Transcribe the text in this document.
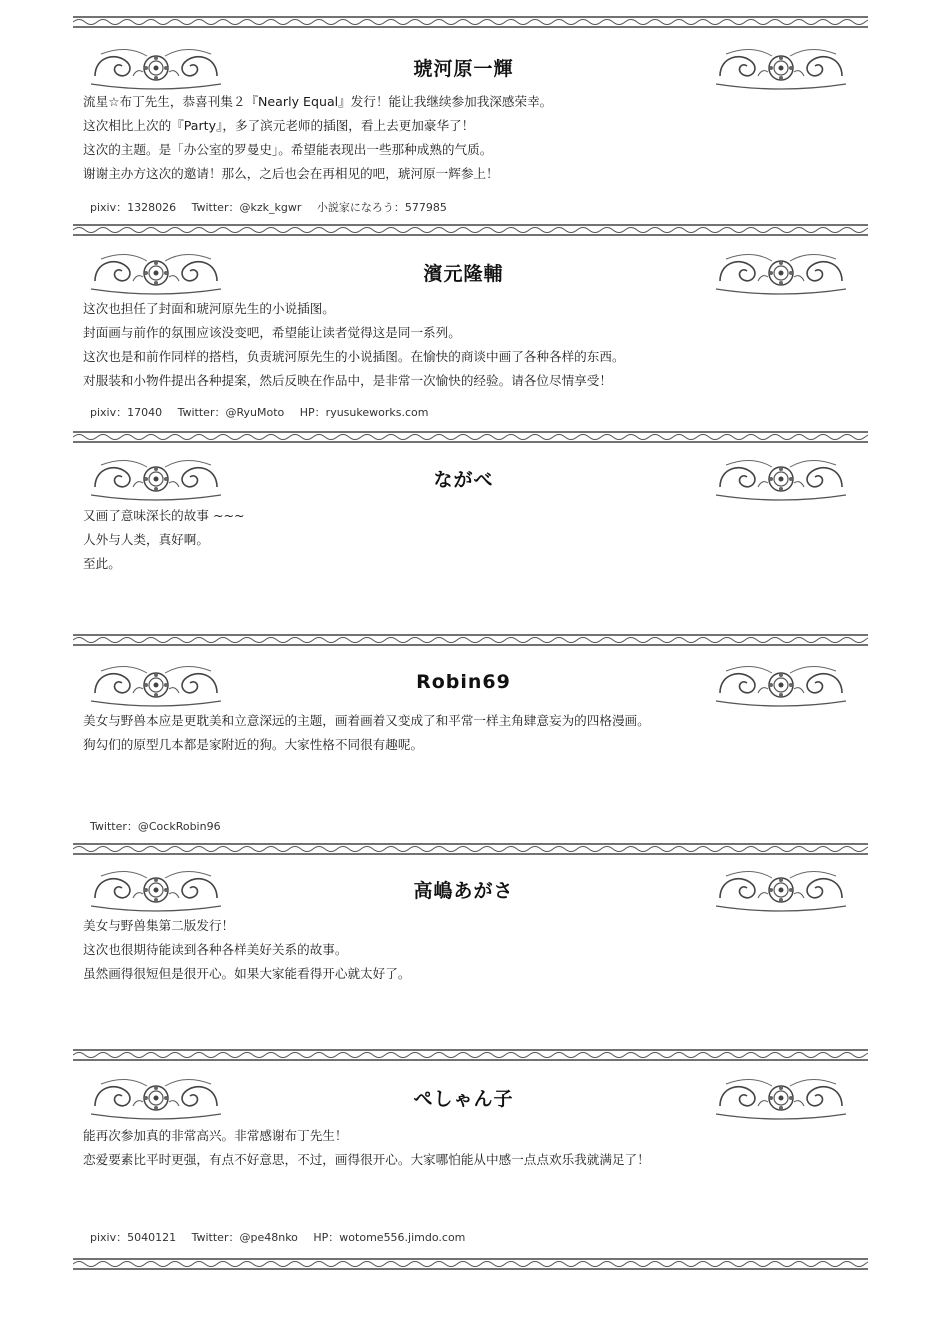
琥河原一輝

流星☆布丁先生，恭喜刊集２『Nearly Equal』发行！能让我继续参加我深感荣幸。

这次相比上次的『Party』，多了滨元老师的插图，看上去更加豪华了！

这次的主题。是「办公室的罗曼史」。希望能表现出一些那种成熟的气质。

谢谢主办方这次的邀请！那么，之后也会在再相见的吧，琥河原一辉参上！

pixiv：1328026 Twitter：@kzk_kgwr 小説家になろう：577985
濱元隆輔

这次也担任了封面和琥河原先生的小说插图。

封面画与前作的氛围应该没变吧，希望能让读者觉得这是同一系列。

这次也是和前作同样的搭档，负责琥河原先生的小说插图。在愉快的商谈中画了各种各样的东西。

对服装和小物件提出各种提案，然后反映在作品中，是非常一次愉快的经验。请各位尽情享受！

pixiv：17040 Twitter：@RyuMoto HP：ryusukeworks.com
ながべ

又画了意味深长的故事 ~~~

人外与人类，真好啊。

至此。

Robin69

美女与野兽本应是更耽美和立意深远的主题，画着画着又变成了和平常一样主角肆意妄为的四格漫画。

狗勾们的原型几本都是家附近的狗。大家性格不同很有趣呢。

Twitter：@CockRobin96
高嶋あがさ

美女与野兽集第二版发行！

这次也很期待能读到各种各样美好关系的故事。

虽然画得很短但是很开心。如果大家能看得开心就太好了。

ぺしゃん子

能再次参加真的非常高兴。非常感谢布丁先生！

恋爱要素比平时更强，有点不好意思，不过，画得很开心。大家哪怕能从中感一点点欢乐我就满足了！

pixiv：5040121 Twitter：@pe48nko HP：wotome556.jimdo.com
